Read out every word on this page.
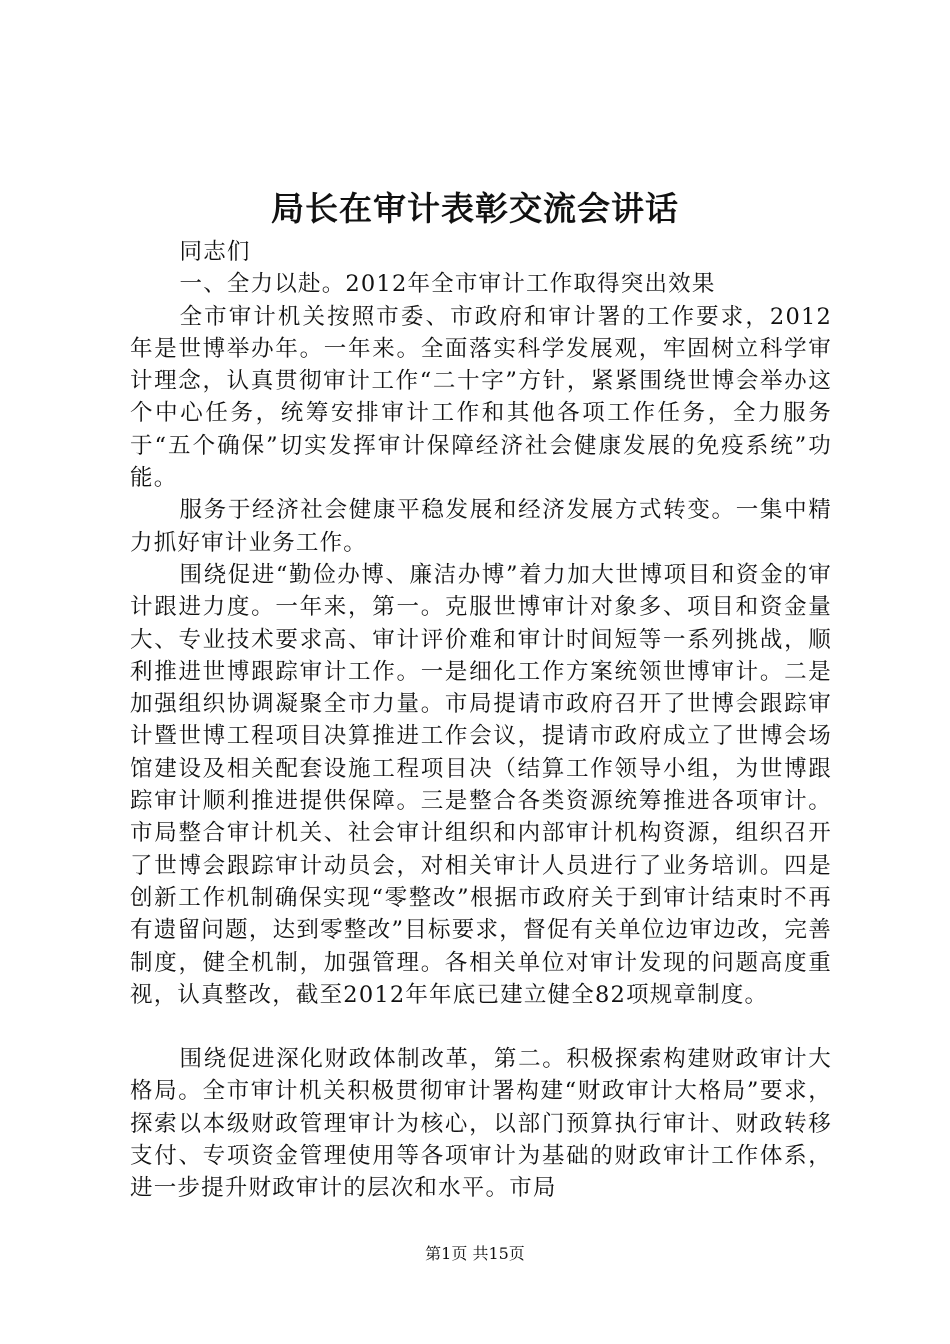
局长在审计表彰交流会讲话

同志们

一、全力以赴。2012年全市审计工作取得突出效果

全市审计机关按照市委、市政府和审计署的工作要求，2012年是世博举办年。一年来。全面落实科学发展观，牢固树立科学审计理念，认真贯彻审计工作“二十字”方针，紧紧围绕世博会举办这个中心任务，统筹安排审计工作和其他各项工作任务，全力服务于“五个确保”切实发挥审计保障经济社会健康发展的免疫系统”功能。

服务于经济社会健康平稳发展和经济发展方式转变。一集中精力抓好审计业务工作。

围绕促进“勤俭办博、廉洁办博”着力加大世博项目和资金的审计跟进力度。一年来，第一。克服世博审计对象多、项目和资金量大、专业技术要求高、审计评价难和审计时间短等一系列挑战，顺利推进世博跟踪审计工作。一是细化工作方案统领世博审计。二是加强组织协调凝聚全市力量。市局提请市政府召开了世博会跟踪审计暨世博工程项目决算推进工作会议，提请市政府成立了世博会场馆建设及相关配套设施工程项目决（结算工作领导小组，为世博跟踪审计顺利推进提供保障。三是整合各类资源统筹推进各项审计。市局整合审计机关、社会审计组织和内部审计机构资源，组织召开了世博会跟踪审计动员会，对相关审计人员进行了业务培训。四是创新工作机制确保实现“零整改”根据市政府关于到审计结束时不再有遗留问题，达到零整改”目标要求，督促有关单位边审边改，完善制度，健全机制，加强管理。各相关单位对审计发现的问题高度重视，认真整改，截至2012年年底已建立健全82项规章制度。

围绕促进深化财政体制改革，第二。积极探索构建财政审计大格局。全市审计机关积极贯彻审计署构建“财政审计大格局”要求，探索以本级财政管理审计为核心，以部门预算执行审计、财政转移支付、专项资金管理使用等各项审计为基础的财政审计工作体系，进一步提升财政审计的层次和水平。市局

第1页 共15页
